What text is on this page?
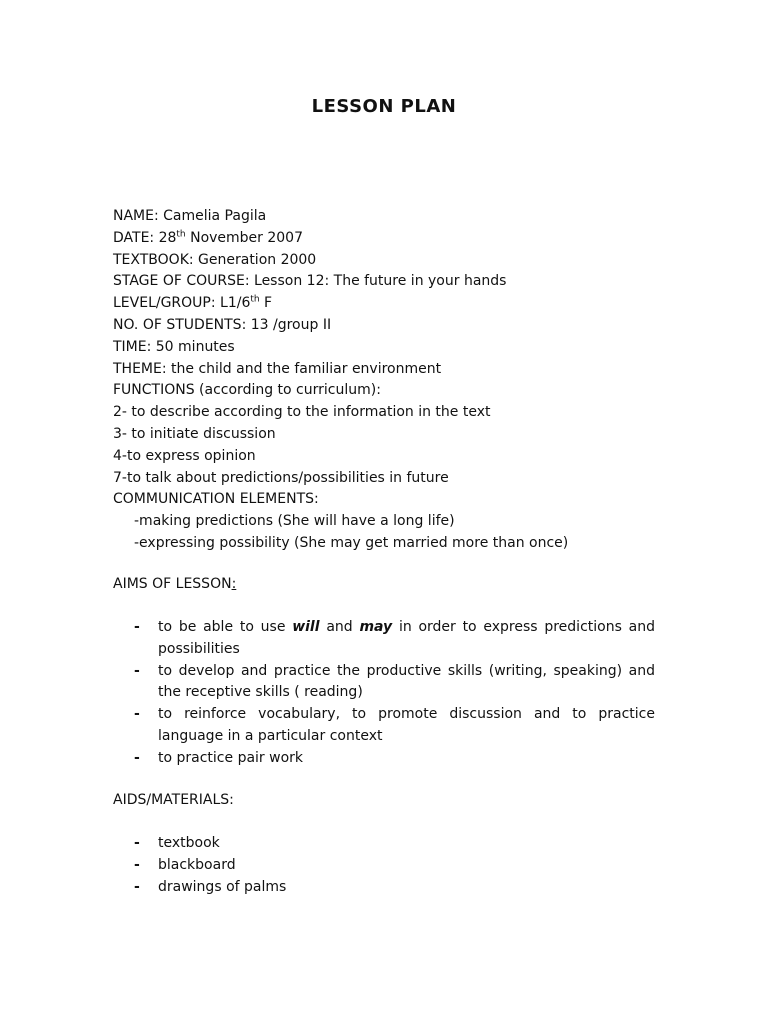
LESSON PLAN
NAME: Camelia Pagila
DATE: 28th November 2007
TEXTBOOK: Generation 2000
STAGE OF COURSE: Lesson 12: The future in your hands
LEVEL/GROUP: L1/6th F
NO. OF STUDENTS: 13 /group II
TIME: 50 minutes
THEME: the child and the familiar environment
FUNCTIONS (according to curriculum):
2- to describe according to the information in the text
3- to initiate discussion
4-to express opinion
7-to talk about predictions/possibilities in future
COMMUNICATION ELEMENTS:
-making predictions (She will have a long life)
-expressing possibility (She may get married more than once)
AIMS OF LESSON:
- to be able to use will and may in order to express predictions and possibilities
- to develop and practice the productive skills (writing, speaking) and the receptive skills ( reading)
- to reinforce vocabulary, to promote discussion and to practice language in a particular context
- to practice pair work
AIDS/MATERIALS:
- textbook
- blackboard
- drawings of palms
